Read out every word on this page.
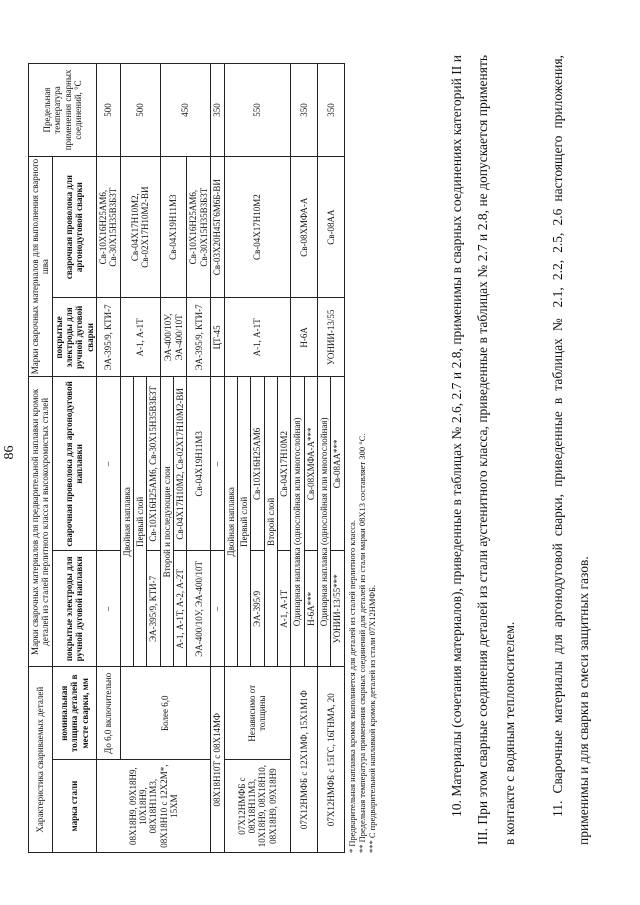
86
Характеристика свариваемых деталей		Марки сварочных материалов для предварительной наплавки кромок деталей из сталей перлитного класса и высокохромистых сталей		Марки сварочных материалов для выполнения сварного шва		Предельная температура применения сварных соединений, °С
марка стали	номинальная толщина деталей в месте сварки, мм	покрытые электроды для ручной дуговой наплавки	сварочная проволока для аргонодуговой наплавки	покрытые электроды для ручной дуговой сварки	сварочная проволока для аргонодуговой сварки	
08Х18Н9, 09Х18Н9, 10Х18Н9, 08Х18Н11М3, 08Х18Н10 с 12Х2М*, 15ХМ	До 6,0 включительно	–	–	ЭА-395/9, КТИ-7	Св-10Х16Н25АМ6, Св-30Х15Н35В3Б3Т	500
	Более 6,0	Двойная наплавка		А-1, А-1Т	Св-04Х17Н10М2, Св-02Х17Н10М2-ВИ	500
		Первый слой				
		ЭА-395/9, КТИ-7	Св-10Х16Н25АМ6, Св-30Х15Н35В3Б3Т			
		Второй и последующие слои		ЭА-400/10У, ЭА-400/10Т	Св-04Х19Н11М3	450
		А-1, А-1Т, А-2, А-2Т	Св-04Х17Н10М2, Св-02Х17Н10М2-ВИ			
		ЭА-400/10У, ЭА-400/10Т	Св-04Х19Н11М3	ЭА-395/9, КТИ-7	Св-10Х16Н25АМ6, Св-30Х15Н35В3Б3Т	
08Х18Н10Т с 08Х14МФ		–	–	ЦТ-45	Св-03Х20Н45Г6М6Б-ВИ	350
07Х12НМФБ с 08Х18Н11М3, 10Х18Н9, 08Х18Н10, 08Х18Н9, 09Х18Н9	Независимо от толщины	Двойная наплавка		А-1, А-1Т	Св-04Х17Н10М2	550
		Первый слой				
		ЭА-395/9	Св-10Х16Н25АМ6			
		Второй слой				
		А-1, А-1Т	Св-04Х17Н10М2			
07Х12НМФБ с 12Х1МФ, 15Х1М1Ф		Одинарная наплавка (однослойная или многослойная)		Н-6А	Св-08ХМФА-А	350
		Н-6А***	Св-08ХМФА-А***			
07Х12НМФБ с 15ГС, 16ГНМА, 20		Одинарная наплавка (однослойная или многослойная)		УОНИИ-13/55	Св-08АА	350
		УОНИИ-13/55***	Св-08АА***			
* Предварительная наплавка кромок выполняется для деталей из сталей перлитного класса. ** Предельная температура применения сварных соединений для деталей из стали марки 08Х13 составляет 300 °С. *** С предварительной наплавкой кромок деталей из стали 07Х12НМФБ.	10. Материалы (сочетания материалов), приведенные в таблицах № 2.6, 2.7 и 2.8, применимы в сварных соединениях категорий II и III. При этом сварные соединения деталей из стали аустенитного класса, приведенные в таблицах № 2.7 и 2.8, не допускается применять в контакте с водяным теплоносителем.	11. Сварочные материалы для аргонодуговой сварки, приведенные в таблицах № 2.1, 2.2, 2.5, 2.6 настоящего приложения, применимы и для сварки в смеси защитных газов.
